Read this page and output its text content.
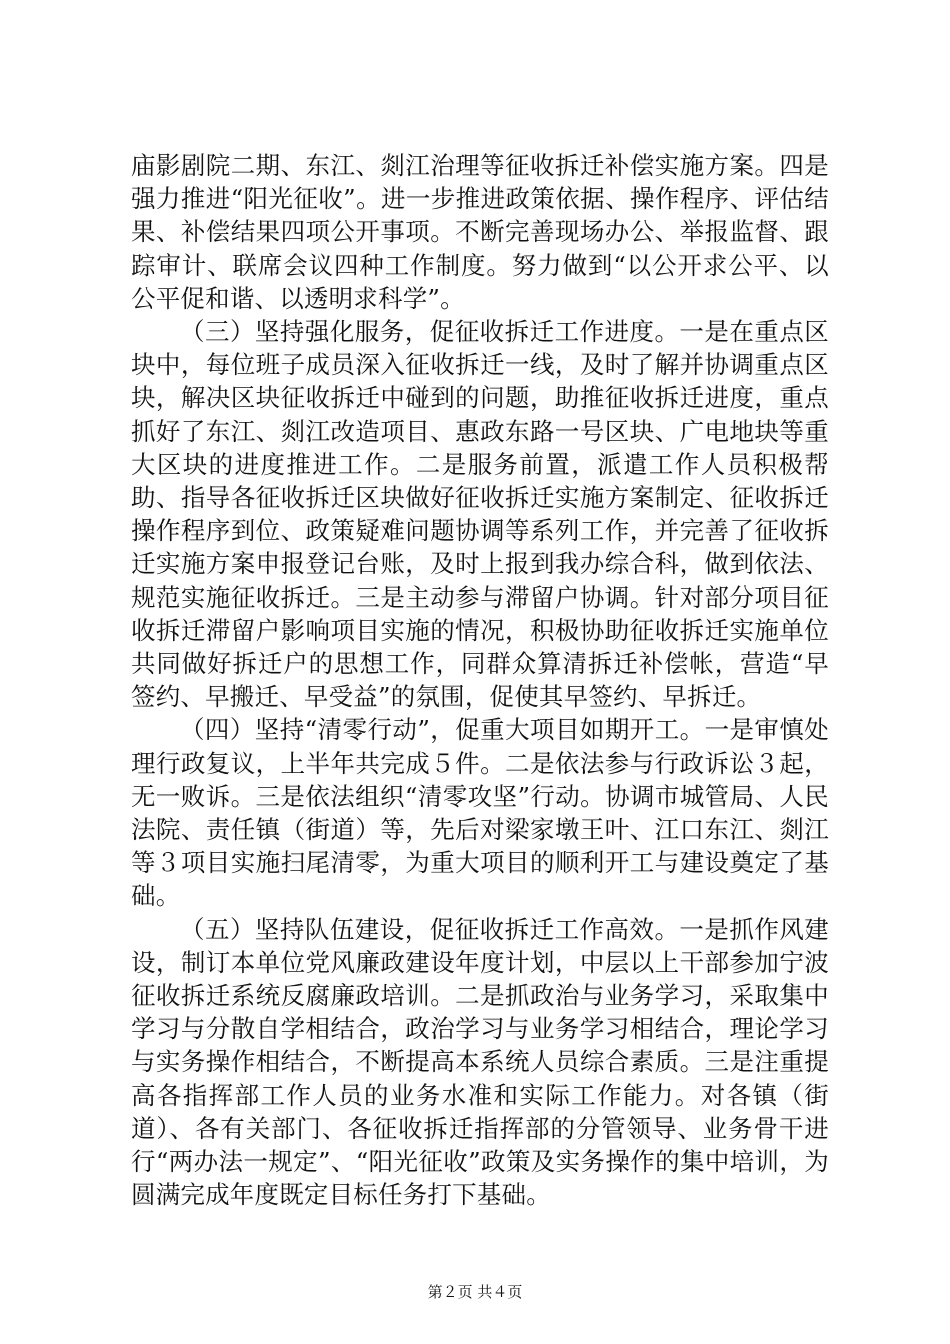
庙影剧院二期、东江、剡江治理等征收拆迁补偿实施方案。四是强力推进“阳光征收”。进一步推进政策依据、操作程序、评估结果、补偿结果四项公开事项。不断完善现场办公、举报监督、跟踪审计、联席会议四种工作制度。努力做到“以公开求公平、以公平促和谐、以透明求科学”。

（三）坚持强化服务，促征收拆迁工作进度。一是在重点区块中，每位班子成员深入征收拆迁一线，及时了解并协调重点区块，解决区块征收拆迁中碰到的问题，助推征收拆迁进度，重点抓好了东江、剡江改造项目、惠政东路一号区块、广电地块等重大区块的进度推进工作。二是服务前置，派遣工作人员积极帮助、指导各征收拆迁区块做好征收拆迁实施方案制定、征收拆迁操作程序到位、政策疑难问题协调等系列工作，并完善了征收拆迁实施方案申报登记台账，及时上报到我办综合科，做到依法、规范实施征收拆迁。三是主动参与滞留户协调。针对部分项目征收拆迁滞留户影响项目实施的情况，积极协助征收拆迁实施单位共同做好拆迁户的思想工作，同群众算清拆迁补偿帐，营造“早签约、早搬迁、早受益”的氛围，促使其早签约、早拆迁。

（四）坚持“清零行动”，促重大项目如期开工。一是审慎处理行政复议，上半年共完成５件。二是依法参与行政诉讼３起，无一败诉。三是依法组织“清零攻坚”行动。协调市城管局、人民法院、责任镇（街道）等，先后对梁家墩王叶、江口东江、剡江等３项目实施扫尾清零，为重大项目的顺利开工与建设奠定了基础。

（五）坚持队伍建设，促征收拆迁工作高效。一是抓作风建设，制订本单位党风廉政建设年度计划，中层以上干部参加宁波征收拆迁系统反腐廉政培训。二是抓政治与业务学习，采取集中学习与分散自学相结合，政治学习与业务学习相结合，理论学习与实务操作相结合，不断提高本系统人员综合素质。三是注重提高各指挥部工作人员的业务水准和实际工作能力。对各镇（街道）、各有关部门、各征收拆迁指挥部的分管领导、业务骨干进行“两办法一规定”、“阳光征收”政策及实务操作的集中培训，为圆满完成年度既定目标任务打下基础。

第２页 共４页
